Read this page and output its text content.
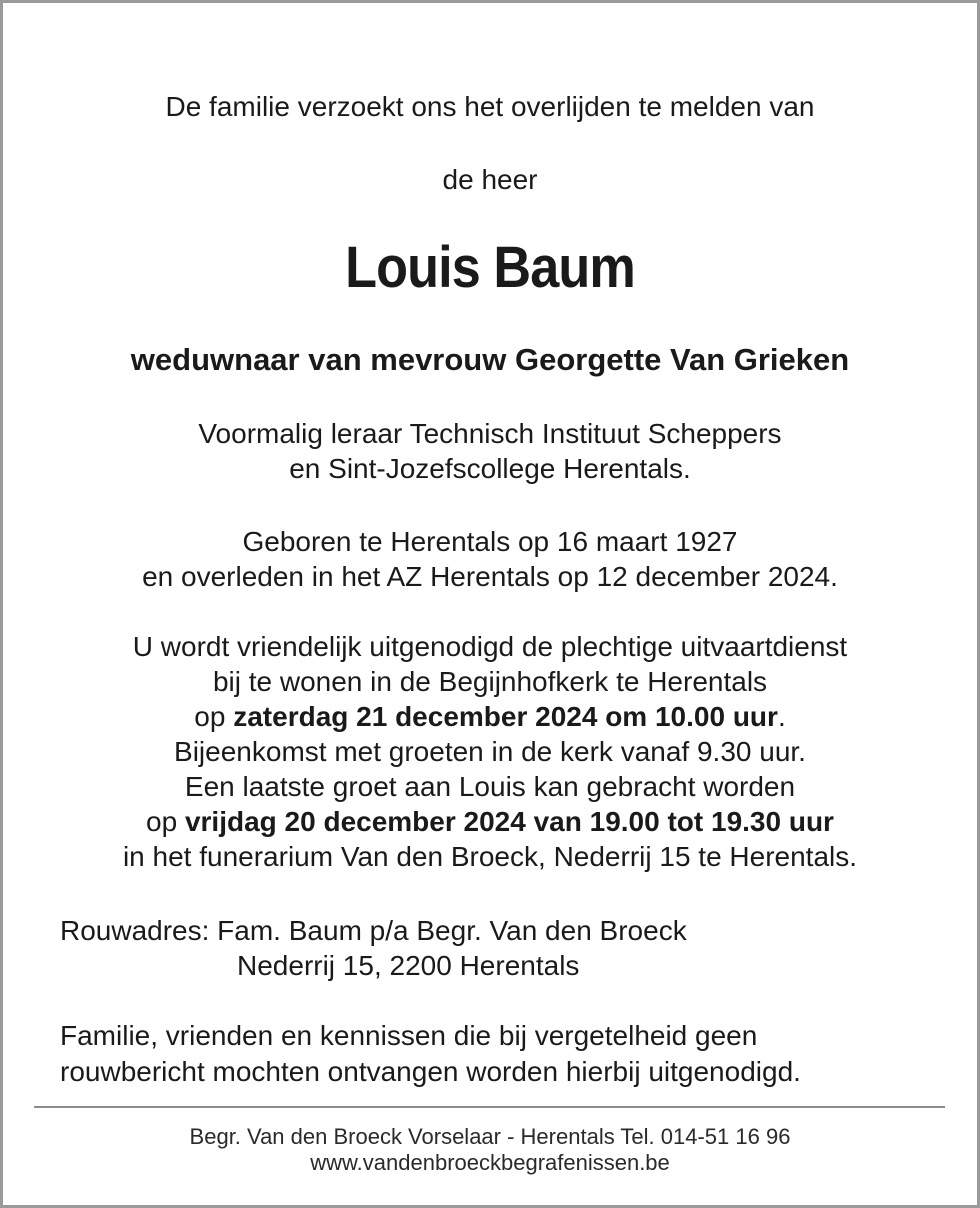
De familie verzoekt ons het overlijden te melden van
de heer
Louis Baum
weduwnaar van mevrouw Georgette Van Grieken
Voormalig leraar Technisch Instituut Scheppers
en Sint-Jozefscollege Herentals.
Geboren te Herentals op 16 maart 1927
en overleden in het AZ Herentals op 12 december 2024.
U wordt vriendelijk uitgenodigd de plechtige uitvaartdienst
bij te wonen in de Begijnhofkerk te Herentals
op zaterdag 21 december 2024 om 10.00 uur.
Bijeenkomst met groeten in de kerk vanaf 9.30 uur.
Een laatste groet aan Louis kan gebracht worden
op vrijdag 20 december 2024 van 19.00 tot 19.30 uur
in het funerarium Van den Broeck, Nederrij 15 te Herentals.
Rouwadres: Fam. Baum p/a Begr. Van den Broeck
Nederrij 15, 2200 Herentals
Familie, vrienden en kennissen die bij vergetelheid geen
rouwbericht mochten ontvangen worden hierbij uitgenodigd.
Begr. Van den Broeck Vorselaar - Herentals Tel. 014-51 16 96
www.vandenbroeckbegrafenissen.be
